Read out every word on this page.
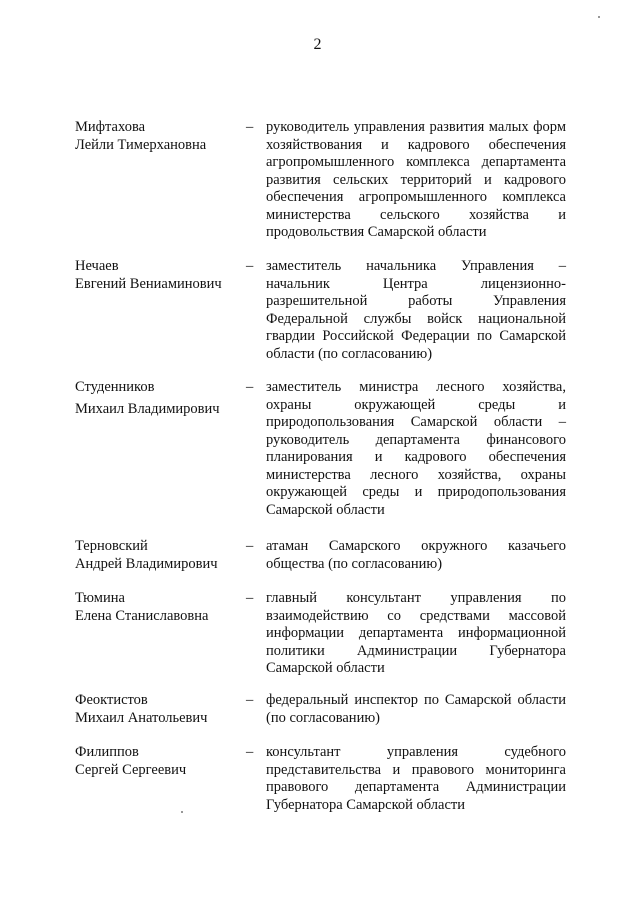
2
Мифтахова
Лейли Тимерхановна
– руководитель управления развития малых форм хозяйствования и кадрового обеспечения агропромышленного комплекса департамента развития сельских территорий и кадрового обеспечения агропромышленного комплекса министерства сельского хозяйства и продовольствия Самарской области
Нечаев
Евгений Вениаминович
– заместитель начальника Управления – начальник Центра лицензионно-разрешительной работы Управления Федеральной службы войск национальной гвардии Российской Федерации по Самарской области (по согласованию)
Студенников
Михаил Владимирович
– заместитель министра лесного хозяйства, охраны окружающей среды и природопользования Самарской области – руководитель департамента финансового планирования и кадрового обеспечения министерства лесного хозяйства, охраны окружающей среды и природопользования Самарской области
Терновский
Андрей Владимирович
– атаман Самарского окружного казачьего общества (по согласованию)
Тюмина
Елена Станиславовна
– главный консультант управления по взаимодействию со средствами массовой информации департамента информационной политики Администрации Губернатора Самарской области
Феоктистов
Михаил Анатольевич
– федеральный инспектор по Самарской области (по согласованию)
Филиппов
Сергей Сергеевич
– консультант управления судебного представительства и правового мониторинга правового департамента Администрации Губернатора Самарской области
